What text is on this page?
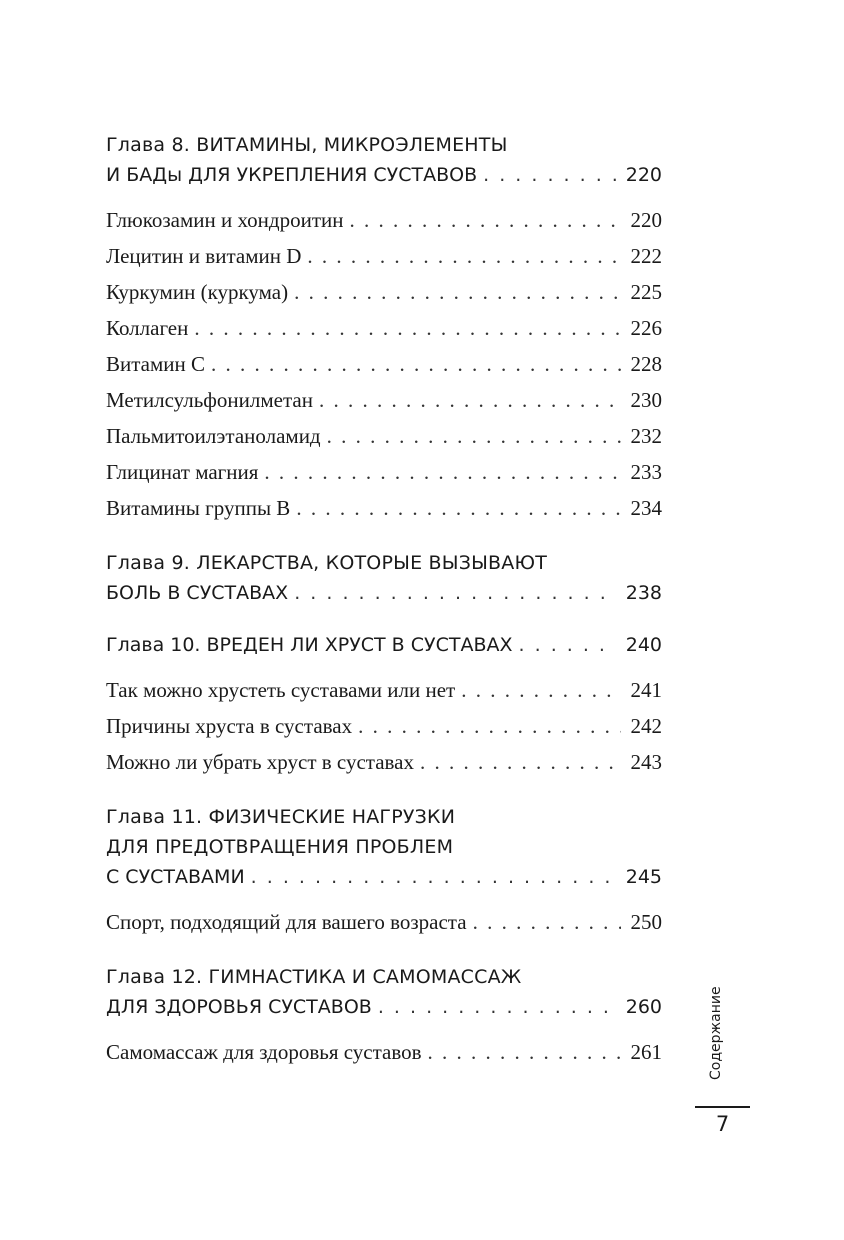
Глава 8. ВИТАМИНЫ, МИКРОЭЛЕМЕНТЫ
И БАДы ДЛЯ УКРЕПЛЕНИЯ СУСТАВОВ . . .	220
Глюкозамин и хондроитин . . .	220
Лецитин и витамин D . . .	222
Куркумин (куркума) . . .	225
Коллаген . . .	226
Витамин С . . .	228
Метилсульфонилметан . . .	230
Пальмитоилэтаноламид . . .	232
Глицинат магния . . .	233
Витамины группы В . . .	234
Глава 9. ЛЕКАРСТВА, КОТОРЫЕ ВЫЗЫВАЮТ
БОЛЬ В СУСТАВАХ . . .	238
Глава 10. ВРЕДЕН ЛИ ХРУСТ В СУСТАВАХ . . .	240
Так можно хрустеть суставами или нет . . .	241
Причины хруста в суставах . . .	242
Можно ли убрать хруст в суставах . . .	243
Глава 11. ФИЗИЧЕСКИЕ НАГРУЗКИ
ДЛЯ ПРЕДОТВРАЩЕНИЯ ПРОБЛЕМ
С СУСТАВАМИ . . .	245
Спорт, подходящий для вашего возраста . . .	250
Глава 12. ГИМНАСТИКА И САМОМАССАЖ
ДЛЯ ЗДОРОВЬЯ СУСТАВОВ . . .	260
Самомассаж для здоровья суставов . . .	261	Содержание
7
